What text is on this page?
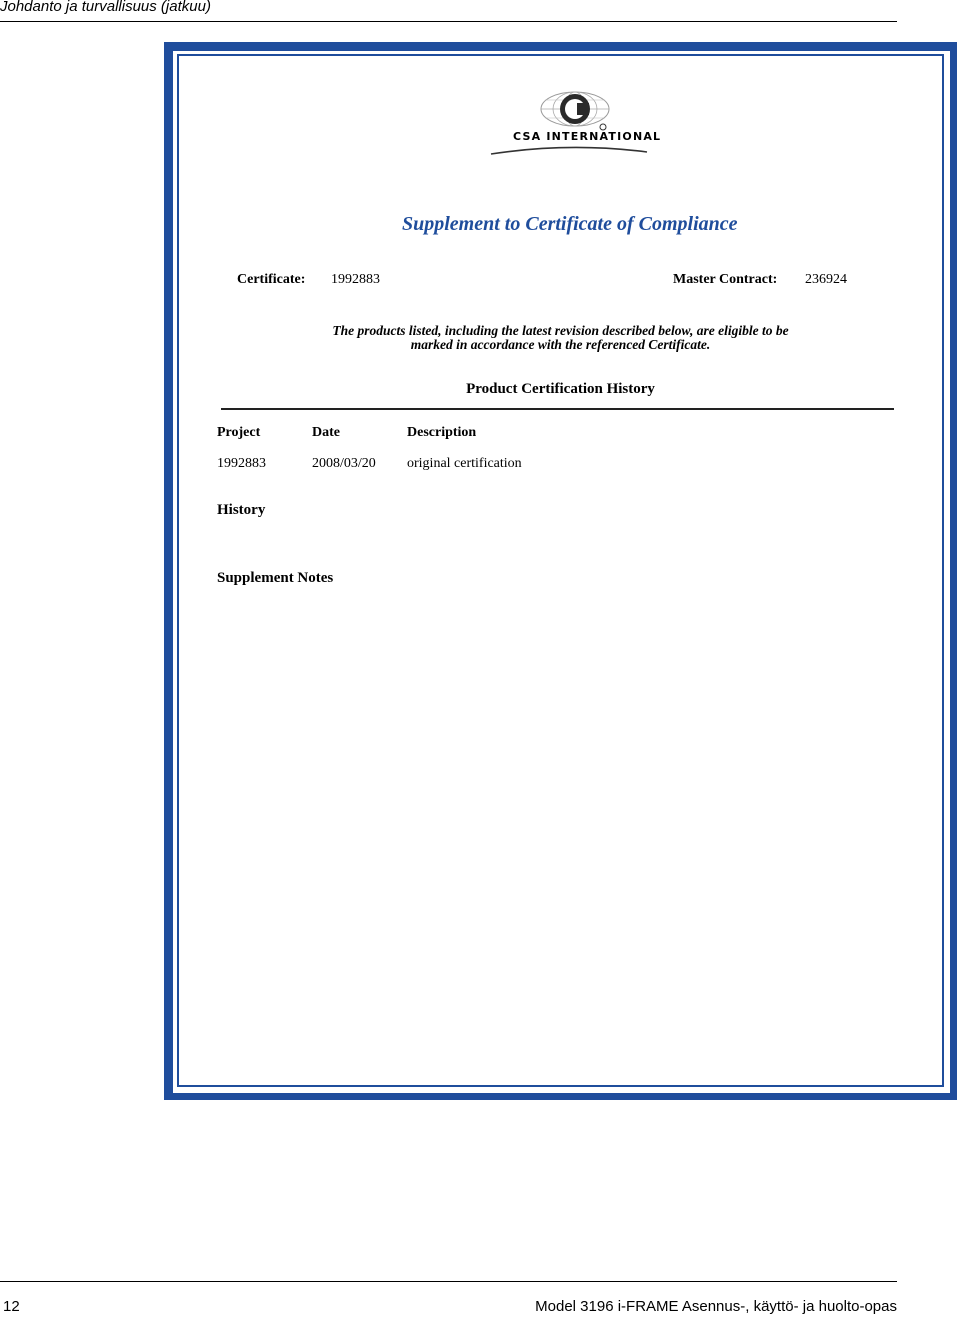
Johdanto ja turvallisuus (jatkuu)
CSA INTERNATIONAL
Supplement to Certificate of Compliance
Certificate: 1992883	Master Contract: 236924
The products listed, including the latest revision described below, are eligible to be
marked in accordance with the referenced Certificate.
Product Certification History
Project	Date	Description
1992883	2008/03/20 original certification
History
Supplement Notes
12	Model 3196 i-FRAME Asennus-, käyttö- ja huolto-opas
